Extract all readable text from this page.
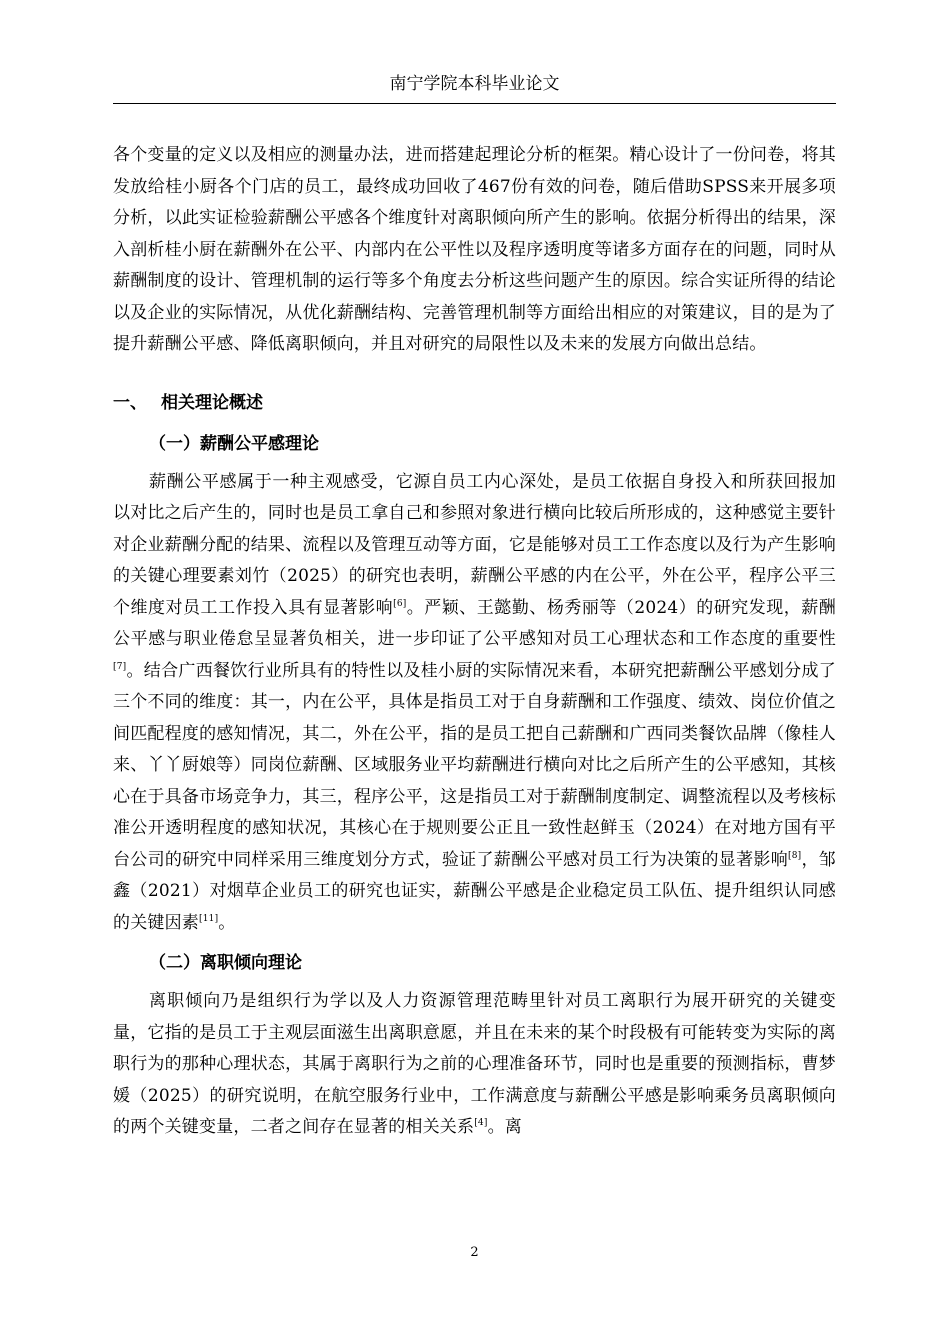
南宁学院本科毕业论文

各个变量的定义以及相应的测量办法，进而搭建起理论分析的框架。精心设计了一份问卷，将其发放给桂小厨各个门店的员工，最终成功回收了467份有效的问卷，随后借助SPSS来开展多项分析，以此实证检验薪酬公平感各个维度针对离职倾向所产生的影响。依据分析得出的结果，深入剖析桂小厨在薪酬外在公平、内部内在公平性以及程序透明度等诸多方面存在的问题，同时从薪酬制度的设计、管理机制的运行等多个角度去分析这些问题产生的原因。综合实证所得的结论以及企业的实际情况，从优化薪酬结构、完善管理机制等方面给出相应的对策建议，目的是为了提升薪酬公平感、降低离职倾向，并且对研究的局限性以及未来的发展方向做出总结。

一、 相关理论概述
（一）薪酬公平感理论

薪酬公平感属于一种主观感受，它源自员工内心深处，是员工依据自身投入和所获回报加以对比之后产生的，同时也是员工拿自己和参照对象进行横向比较后所形成的，这种感觉主要针对企业薪酬分配的结果、流程以及管理互动等方面，它是能够对员工工作态度以及行为产生影响的关键心理要素刘竹（2025）的研究也表明，薪酬公平感的内在公平，外在公平，程序公平三个维度对员工工作投入具有显著影响[6]。严颖、王懿勤、杨秀丽等（2024）的研究发现，薪酬公平感与职业倦怠呈显著负相关，进一步印证了公平感知对员工心理状态和工作态度的重要性[7]。结合广西餐饮行业所具有的特性以及桂小厨的实际情况来看，本研究把薪酬公平感划分成了三个不同的维度：其一，内在公平，具体是指员工对于自身薪酬和工作强度、绩效、岗位价值之间匹配程度的感知情况，其二，外在公平，指的是员工把自己薪酬和广西同类餐饮品牌（像桂人来、丫丫厨娘等）同岗位薪酬、区域服务业平均薪酬进行横向对比之后所产生的公平感知，其核心在于具备市场竞争力，其三，程序公平，这是指员工对于薪酬制度制定、调整流程以及考核标准公开透明程度的感知状况，其核心在于规则要公正且一致性赵鲜玉（2024）在对地方国有平台公司的研究中同样采用三维度划分方式，验证了薪酬公平感对员工行为决策的显著影响[8]，邹鑫（2021）对烟草企业员工的研究也证实，薪酬公平感是企业稳定员工队伍、提升组织认同感的关键因素[11]。

（二）离职倾向理论

离职倾向乃是组织行为学以及人力资源管理范畴里针对员工离职行为展开研究的关键变量，它指的是员工于主观层面滋生出离职意愿，并且在未来的某个时段极有可能转变为实际的离职行为的那种心理状态，其属于离职行为之前的心理准备环节，同时也是重要的预测指标，曹梦媛（2025）的研究说明，在航空服务行业中，工作满意度与薪酬公平感是影响乘务员离职倾向的两个关键变量，二者之间存在显著的相关关系[4]。离

2
